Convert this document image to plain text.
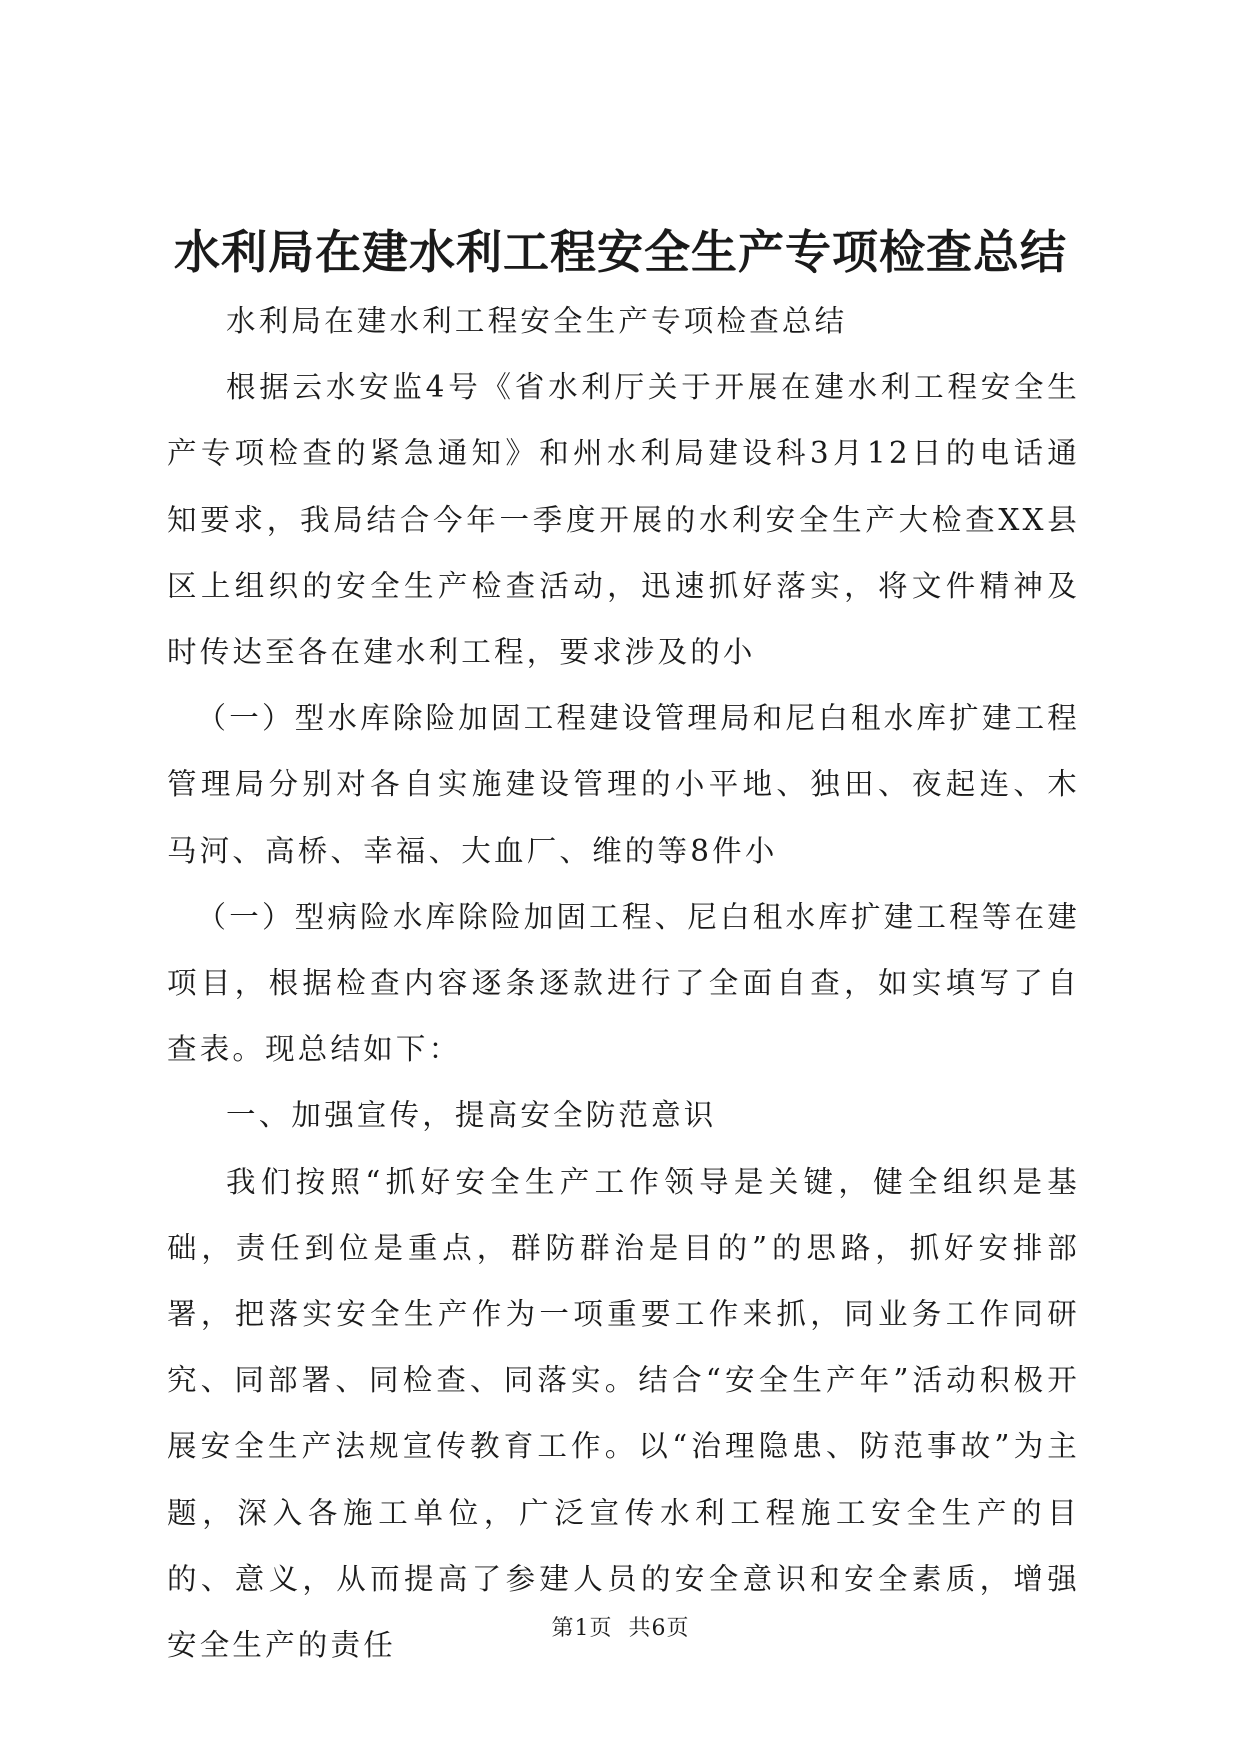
水利局在建水利工程安全生产专项检查总结

水利局在建水利工程安全生产专项检查总结

根据云水安监4号《省水利厅关于开展在建水利工程安全生产专项检查的紧急通知》和州水利局建设科3月12日的电话通知要求，我局结合今年一季度开展的水利安全生产大检查XX县区上组织的安全生产检查活动，迅速抓好落实，将文件精神及时传达至各在建水利工程，要求涉及的小

（一）型水库除险加固工程建设管理局和尼白租水库扩建工程管理局分别对各自实施建设管理的小平地、独田、夜起连、木马河、高桥、幸福、大血厂、维的等8件小

（一）型病险水库除险加固工程、尼白租水库扩建工程等在建项目，根据检查内容逐条逐款进行了全面自查，如实填写了自查表。现总结如下：

一、加强宣传，提高安全防范意识

我们按照“抓好安全生产工作领导是关键，健全组织是基础，责任到位是重点，群防群治是目的”的思路，抓好安排部署，把落实安全生产作为一项重要工作来抓，同业务工作同研究、同部署、同检查、同落实。结合“安全生产年”活动积极开展安全生产法规宣传教育工作。以“治理隐患、防范事故”为主题，深入各施工单位，广泛宣传水利工程施工安全生产的目的、意义，从而提高了参建人员的安全意识和安全素质，增强安全生产的责任	第1页 共6页
